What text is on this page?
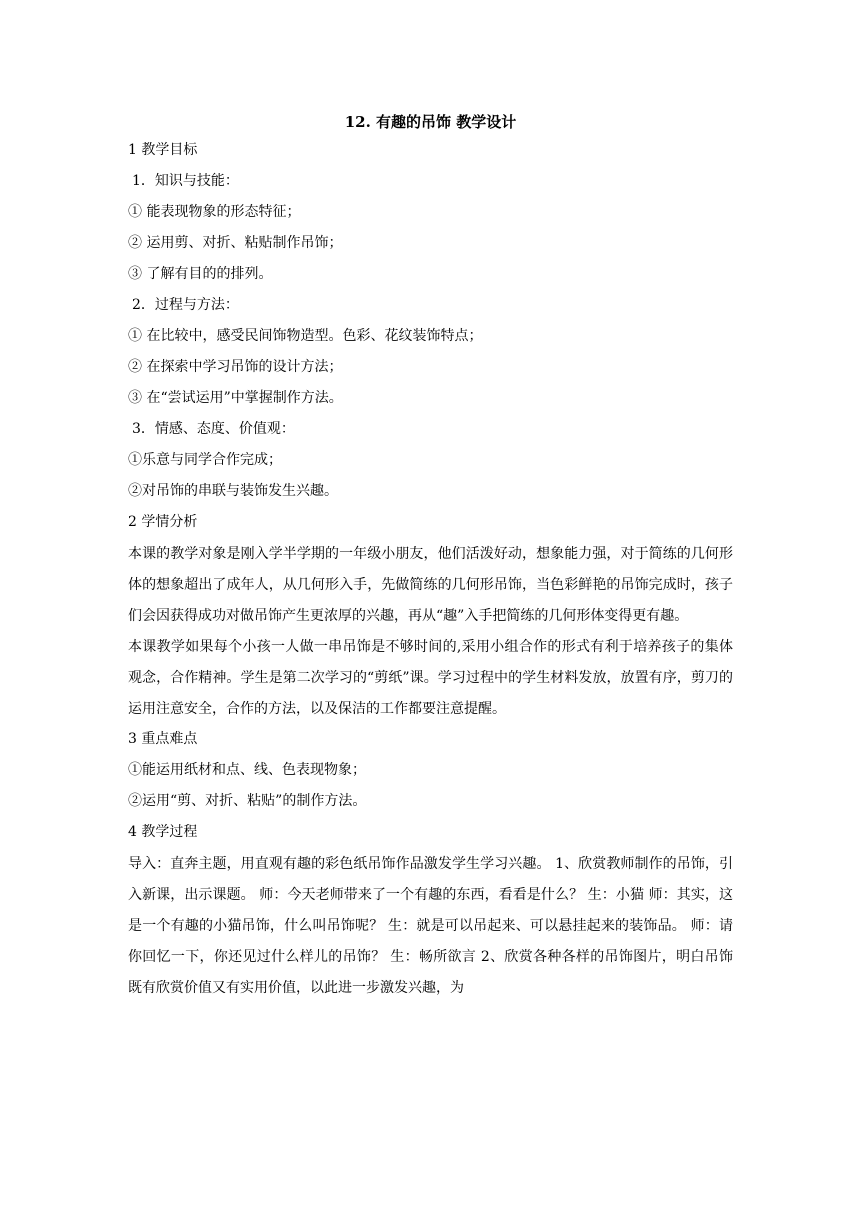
12. 有趣的吊饰 教学设计
1 教学目标
1．知识与技能：
① 能表现物象的形态特征；
② 运用剪、对折、粘贴制作吊饰；
③ 了解有目的的排列。
2．过程与方法：
① 在比较中，感受民间饰物造型。色彩、花纹装饰特点；
② 在探索中学习吊饰的设计方法；
③ 在“尝试运用”中掌握制作方法。
3．情感、态度、价值观：
①乐意与同学合作完成；
②对吊饰的串联与装饰发生兴趣。
2 学情分析
本课的教学对象是刚入学半学期的一年级小朋友，他们活泼好动，想象能力强，对于简练的几何形体的想象超出了成年人，从几何形入手，先做简练的几何形吊饰，当色彩鲜艳的吊饰完成时，孩子们会因获得成功对做吊饰产生更浓厚的兴趣，再从“趣”入手把简练的几何形体变得更有趣。
本课教学如果每个小孩一人做一串吊饰是不够时间的,采用小组合作的形式有利于培养孩子的集体观念，合作精神。学生是第二次学习的“剪纸”课。学习过程中的学生材料发放，放置有序，剪刀的运用注意安全，合作的方法，以及保洁的工作都要注意提醒。
3 重点难点
①能运用纸材和点、线、色表现物象；
②运用“剪、对折、粘贴”的制作方法。
4 教学过程
导入：直奔主题，用直观有趣的彩色纸吊饰作品激发学生学习兴趣。 1、欣赏教师制作的吊饰，引入新课，出示课题。 师：今天老师带来了一个有趣的东西，看看是什么？ 生：小猫 师：其实，这是一个有趣的小猫吊饰，什么叫吊饰呢？ 生：就是可以吊起来、可以悬挂起来的装饰品。 师：请你回忆一下，你还见过什么样儿的吊饰？ 生：畅所欲言 2、欣赏各种各样的吊饰图片，明白吊饰既有欣赏价值又有实用价值，以此进一步激发兴趣，为
